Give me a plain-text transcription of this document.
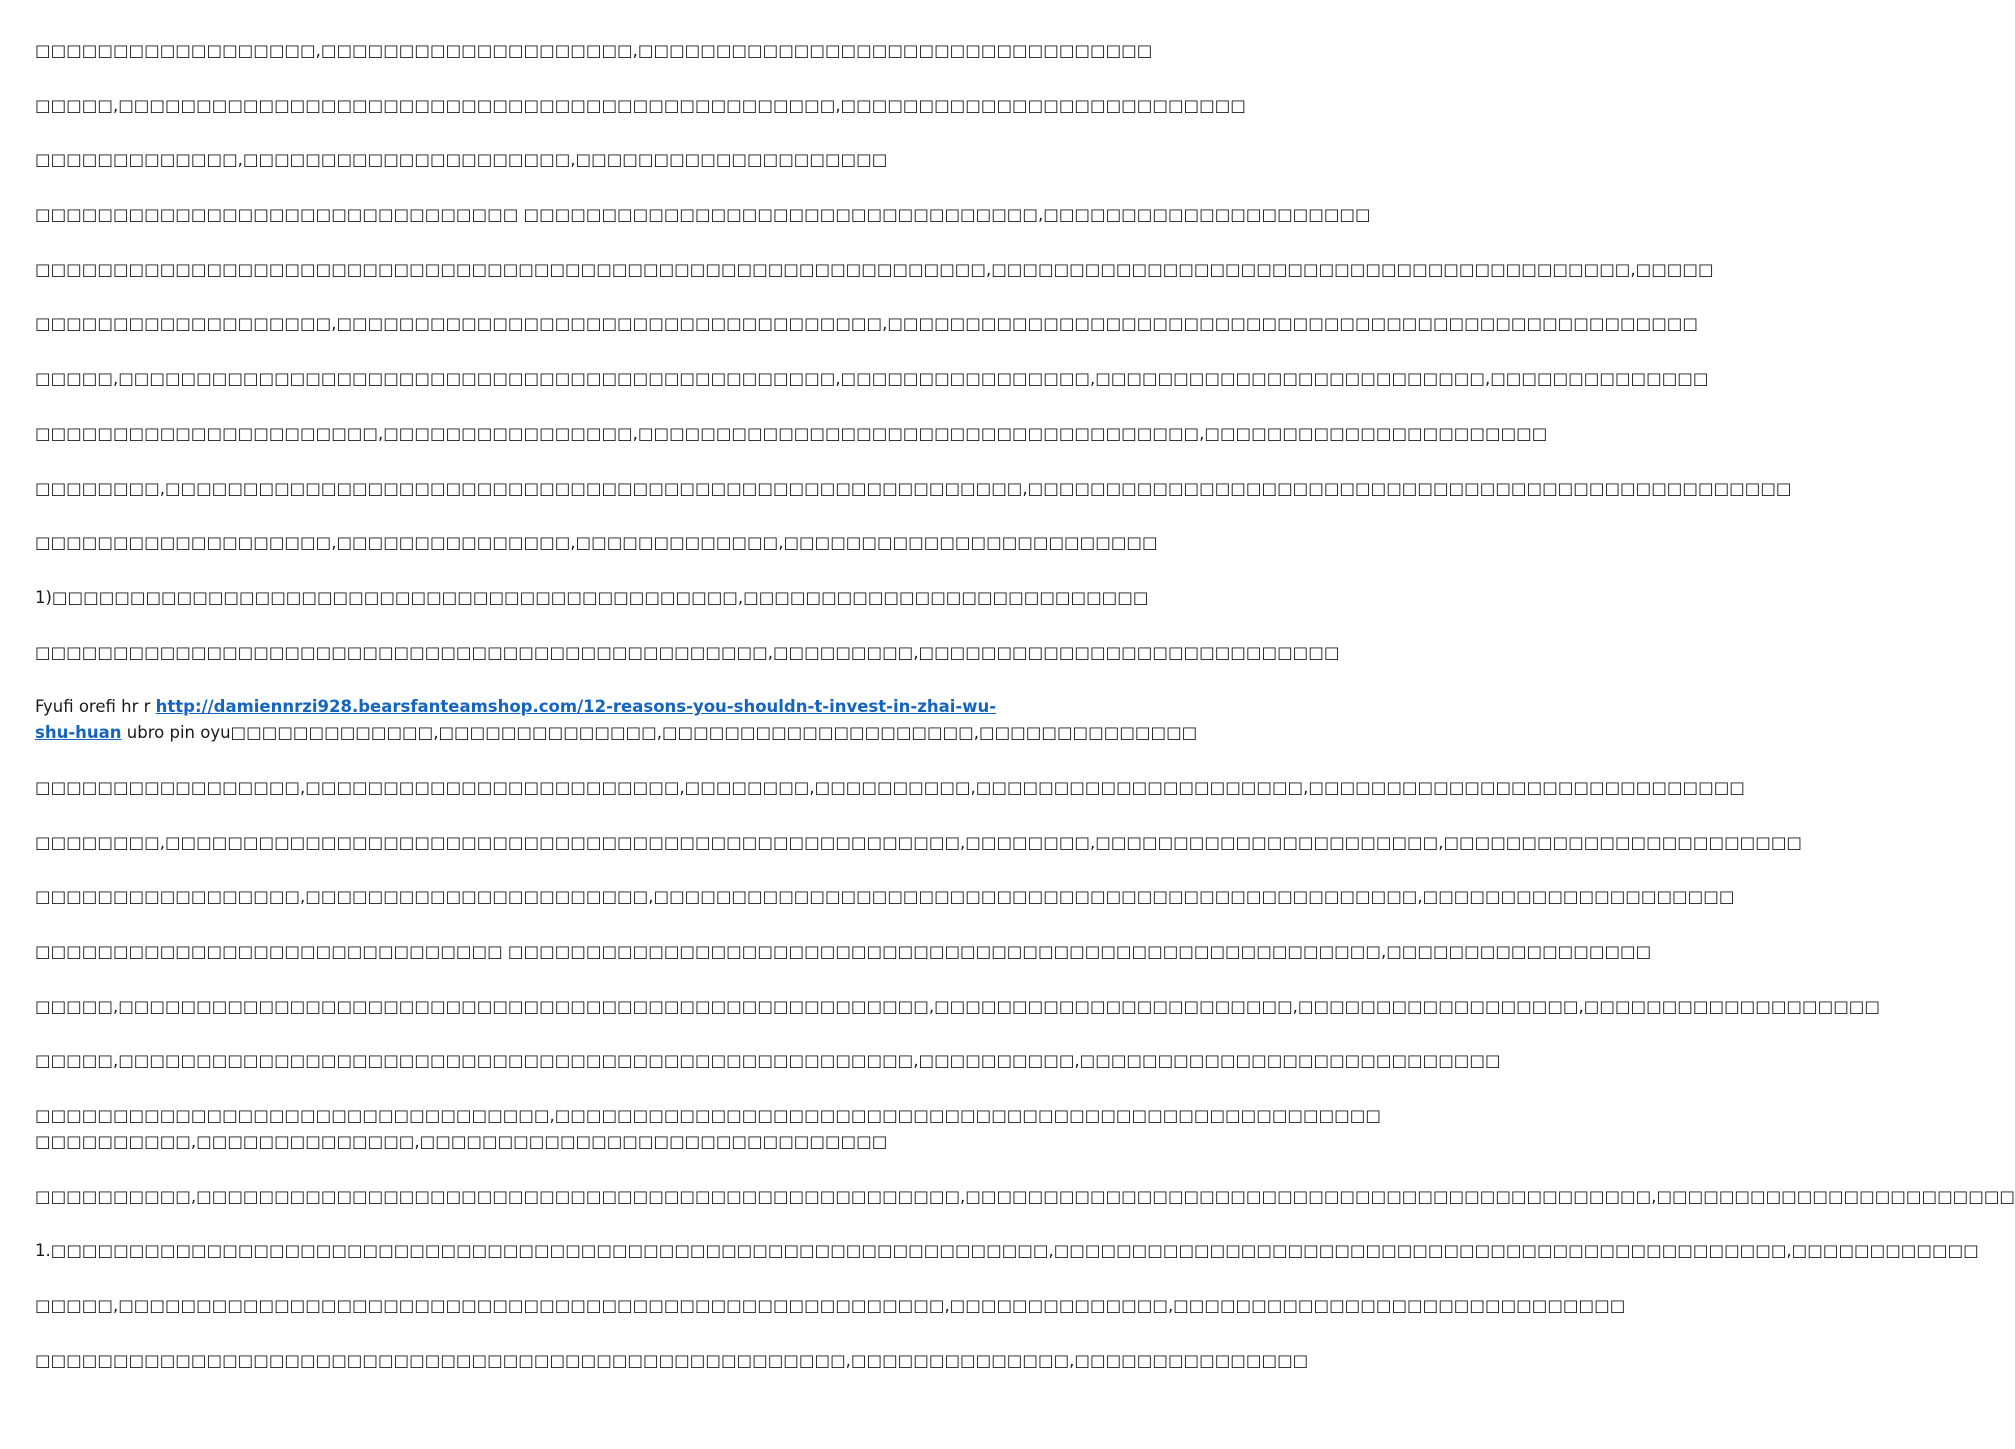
□□□□□□□□□□□□□□□□□□,□□□□□□□□□□□□□□□□□□□□,□□□□□□□□□□□□□□□□□□□□□□□□□□□□□□□□□
□□□□□,□□□□□□□□□□□□□□□□□□□□□□□□□□□□□□□□□□□□□□□□□□□□□□,□□□□□□□□□□□□□□□□□□□□□□□□□□
□□□□□□□□□□□□□,□□□□□□□□□□□□□□□□□□□□□,□□□□□□□□□□□□□□□□□□□□
□□□□□□□□□□□□□□□□□□□□□□□□□□□□□□□ □□□□□□□□□□□□□□□□□□□□□□□□□□□□□□□□□,□□□□□□□□□□□□□□□□□□□□□
□□□□□□□□□□□□□□□□□□□□□□□□□□□□□□□□□□□□□□□□□□□□□□□□□□□□□□□□□□□□□,□□□□□□□□□□□□□□□□□□□□□□□□□□□□□□□□□□□□□□□□□,□□□□□
□□□□□□□□□□□□□□□□□□□,□□□□□□□□□□□□□□□□□□□□□□□□□□□□□□□□□□□,□□□□□□□□□□□□□□□□□□□□□□□□□□□□□□□□□□□□□□□□□□□□□□□□□□□□
□□□□□,□□□□□□□□□□□□□□□□□□□□□□□□□□□□□□□□□□□□□□□□□□□□□□,□□□□□□□□□□□□□□□□,□□□□□□□□□□□□□□□□□□□□□□□□□,□□□□□□□□□□□□□□
□□□□□□□□□□□□□□□□□□□□□□,□□□□□□□□□□□□□□□□,□□□□□□□□□□□□□□□□□□□□□□□□□□□□□□□□□□□□,□□□□□□□□□□□□□□□□□□□□□□
□□□□□□□□,□□□□□□□□□□□□□□□□□□□□□□□□□□□□□□□□□□□□□□□□□□□□□□□□□□□□□□□,□□□□□□□□□□□□□□□□□□□□□□□□□□□□□□□□□□□□□□□□□□□□□□□□□
□□□□□□□□□□□□□□□□□□□,□□□□□□□□□□□□□□□,□□□□□□□□□□□□□,□□□□□□□□□□□□□□□□□□□□□□□□
1)□□□□□□□□□□□□□□□□□□□□□□□□□□□□□□□□□□□□□□□□□□□□,□□□□□□□□□□□□□□□□□□□□□□□□□□
□□□□□□□□□□□□□□□□□□□□□□□□□□□□□□□□□□□□□□□□□□□□□□□,□□□□□□□□□,□□□□□□□□□□□□□□□□□□□□□□□□□□□
Fyufi orefi hr r http://damiennrzi928.bearsfanteamshop.com/12-reasons-you-shouldn-t-invest-in-zhai-wu-
shu-huan ubro pin oyu□□□□□□□□□□□□□,□□□□□□□□□□□□□□,□□□□□□□□□□□□□□□□□□□□,□□□□□□□□□□□□□□
□□□□□□□□□□□□□□□□□,□□□□□□□□□□□□□□□□□□□□□□□□,□□□□□□□□,□□□□□□□□□□,□□□□□□□□□□□□□□□□□□□□□,□□□□□□□□□□□□□□□□□□□□□□□□□□□□
□□□□□□□□,□□□□□□□□□□□□□□□□□□□□□□□□□□□□□□□□□□□□□□□□□□□□□□□□□□□,□□□□□□□□,□□□□□□□□□□□□□□□□□□□□□□,□□□□□□□□□□□□□□□□□□□□□□□
□□□□□□□□□□□□□□□□□,□□□□□□□□□□□□□□□□□□□□□□,□□□□□□□□□□□□□□□□□□□□□□□□□□□□□□□□□□□□□□□□□□□□□□□□□,□□□□□□□□□□□□□□□□□□□□
□□□□□□□□□□□□□□□□□□□□□□□□□□□□□□ □□□□□□□□□□□□□□□□□□□□□□□□□□□□□□□□□□□□□□□□□□□□□□□□□□□□□□□□,□□□□□□□□□□□□□□□□□
□□□□□,□□□□□□□□□□□□□□□□□□□□□□□□□□□□□□□□□□□□□□□□□□□□□□□□□□□□,□□□□□□□□□□□□□□□□□□□□□□□,□□□□□□□□□□□□□□□□□□,□□□□□□□□□□□□□□□□□□□
□□□□□,□□□□□□□□□□□□□□□□□□□□□□□□□□□□□□□□□□□□□□□□□□□□□□□□□□□,□□□□□□□□□□,□□□□□□□□□□□□□□□□□□□□□□□□□□□
□□□□□□□□□□□□□□□□□□□□□□□□□□□□□□□□□,□□□□□□□□□□□□□□□□□□□□□□□□□□□□□□□□□□□□□□□□□□□□□□□□□□□□□
□□□□□□□□□□,□□□□□□□□□□□□□□,□□□□□□□□□□□□□□□□□□□□□□□□□□□□□□
□□□□□□□□□□,□□□□□□□□□□□□□□□□□□□□□□□□□□□□□□□□□□□□□□□□□□□□□□□□□,□□□□□□□□□□□□□□□□□□□□□□□□□□□□□□□□□□□□□□□□□□□□,□□□□□□□□□□□□□□□□□□□□□□□
1.□□□□□□□□□□□□□□□□□□□□□□□□□□□□□□□□□□□□□□□□□□□□□□□□□□□□□□□□□□□□□□□□,□□□□□□□□□□□□□□□□□□□□□□□□□□□□□□□□□□□□□□□□□□□□□□□,□□□□□□□□□□□□
□□□□□,□□□□□□□□□□□□□□□□□□□□□□□□□□□□□□□□□□□□□□□□□□□□□□□□□□□□□,□□□□□□□□□□□□□□,□□□□□□□□□□□□□□□□□□□□□□□□□□□□□
□□□□□□□□□□□□□□□□□□□□□□□□□□□□□□□□□□□□□□□□□□□□□□□□□□□□,□□□□□□□□□□□□□□,□□□□□□□□□□□□□□□
